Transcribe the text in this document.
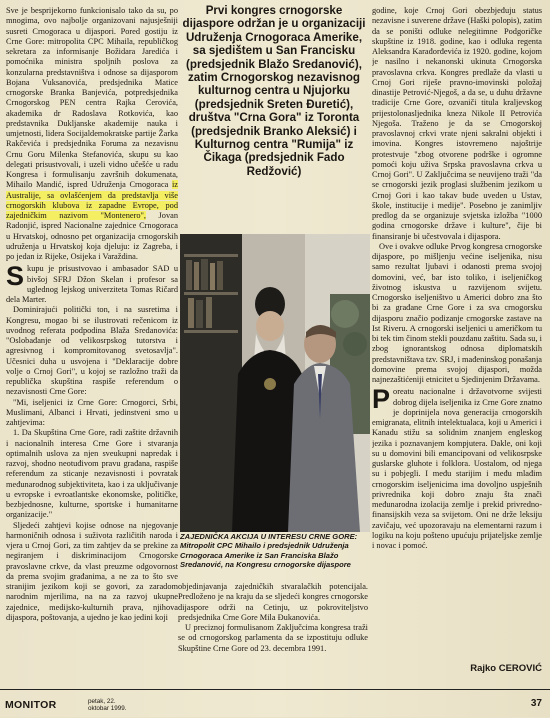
Sve je besprijekorno funkcionisalo tako da su, po mnogima, ovo najbolje organizovani najusješniji susreti Crnogoraca u dijaspori. Pored gostiju iz Crne Gore: mitropolita CPC Mihaila, republičkog sekretara za informisanje Božidara Jaredića i pomoćnika ministra spoljnih poslova za konzularna predstavništva i odnose sa dijasporom Bojana Vuksanovića, predsjednika Matice crnogorske Branka Banjevića, potpredsjednika Crnogorskog PEN centra Rajka Cerovića, akademika dr Radoslava Rotkovića, kao predstavnika Dukljanske akademije nauka i umjetnosti, lidera Socijaldemokratske partije Žarka Rakčevića i predsjednika Foruma za nezavisnu Crnu Goru Milenka Stefanovića, skupu su kao delegati prisustvovali, i uzeli vidno učešće u radu Kongresa i formulisanju završnih dokumenata, Mihailo Mandić, ispred Udruženja Crnogoraca iz Australije, sa ovlašćenjem da predstavlja više crnogorskih klubova iz zapadne Evrope, pod zajedničkim nazivom "Montenero", Jovan Radonjić, ispred Nacionalne zajednice Crnogoraca u Hrvatskoj, odnosno pet organizacija crnogorskih udruženja u Hrvatskoj koja djeluju: iz Zagreba, i po jedan iz Rijeke, Osijeka i Varaždina.

Skupu je prisustvovao i ambasador SAD u bivšoj SFRJ Džon Skelan i profesor sa uglednog lejskog univerziteta Tomas Ričard dela Marter.

Dominirajući politički ton, i na susretima i Kongresu, mogao bi se ilustrovati rečenicom iz uvodnog referata podpodina Blaža Sredanovića: "Oslobađanje od velikosrpskog tutorstva i agresivnog i kompromitovanog svetosavlja". Učesnici duha u usvojena i "Deklaracije dobre volje o Crnoj Gori", u kojoj se razložno traži da republička skupština raspiše referendum o nezavisnosti Crne Gore:

"Mi, iseljenici iz Crne Gore: Crnogorci, Srbi, Muslimani, Albanci i Hrvati, jedinstveni smo u zahtjevima:

1. Da Skupština Crne Gore, radi zaštite državnih i nacionalnih interesa Crne Gore i stvaranja optimalnih uslova za njen sveukupni napredak i razvoj, shodno neotuđivom pravu građana, raspiše referendum za sticanje nezavisnosti i povratak međunarodnog subjektiviteta, kao i za uključivanje u evropske i evroatlantske ekonomske, političke, bezbjednosne, kulturne, sportske i humanitarne organizacije."

Sljedeći zahtjevi kojise odnose na njegovanje harmoničnih odnosa i suživota različitih naroda i vjera u Crnoj Gori, za tim zahtjev da se prekine za negiranjem i diskriminacijom Crnogorske pravoslavne crkve, da vlast preuzme odgovornost da prema svojim građanima, a ne za to što sve stranijim jezikom koji se govori, za zaradom narodnim mjerilima, na na za razvoj ukupne zajednice, medijsko-kulturnih prava, njihova dijaspora, poštovanja, a ujedno je kao jedini koji

Prvi kongres crnogorske dijaspore održan je u organizaciji Udruženja Crnogoraca Amerike, sa sjedištem u San Francisku (predsjednik Blažo Sredanović), zatim Crnogorskog nezavisnog kulturnog centra u Njujorku (predsjednik Sreten Đuretić), društva "Crna Gora" iz Toronta (predsjednik Branko Aleksić) i Kulturnog centra "Rumija" iz Čikaga (predsjednik Fado Redžović)
ZAJEDNIČKA AKCIJA U INTERESU CRNE GORE: Mitropolit CPC Mihailo i predsjednik Udruženja Crnogoraca Amerike iz San Franciska Blažo Sredanović, na Kongresu crnogorske dijaspore

objedinjavanja zajedničkih stvaralačkih potencijala. Predloženo je na kraju da se sljedeći kongres crnogorske dijaspore održi na Cetinju, uz pokroviteljstvo predsjednika Crne Gore Mila Đukanovića.

U preciznoj formulisanom Zaključcima kongresa traži se od crnogorskog parlamenta da se izpostituju odluke Skupštine Crne Gore od 23. decembra 1991.

godine, koje Crnoj Gori obezbjeđuju status nezavisne i suverene države (Haški polopis), zatim da se poništi odluke nelegitimne Podgoričke skupštine iz 1918. godine, kao i odluka regenta Aleksandra Karađorđevića iz 1920. godine, kojom je nasilno i nekanonski ukinuta Crnogorska pravoslavna crkva. Kongres predlaže da vlasti u Crnoj Gori riješe pravno-imovinski položaj dinastije Petrović-Njegoš, a da se, u duhu državne tradicije Crne Gore, ozvaniči titula kraljevskog prijestolonasljednika kneza Nikole II Petrovića Njegoša. Traženo je da se Crnogorskoj pravoslavnoj crkvi vrate njeni sakralni objekti i imovina. Kongres istovremeno najoštrije protestvuje "zbog otvorene podrške i ogromne pomoći koju uživa Srpska pravoslavna crkva u Crnoj Gori". U Zaključcima se neuvijeno traži "da se crnogorski jezik proglasi službenim jezikom u Crnoj Gori i kao takav bude uveden u Ustav, škole, institucije i medije". Posebno je zanimljiv predlog da se organizuje svjetska izložba "1000 godina crnogorske države i kulture", čije bi finansiranje bi učestvovala i dijaspora.

Ove i ovakve odluke Prvog kongresa crnogorske dijaspore, po mišljenju većine iseljenika, nisu samo rezultat ljubavi i odanosti prema svojoj domovini, već, bar isto toliko, i iseljeničkog životnog iskustva u razvijenom svijetu. Crnogorsko iseljeništvo u Americi dobro zna što bi za građane Crne Gore i za sva crnogorsku dijasporu značio podizanje crnogorske zastave na Ist Riveru. A crnogorski iseljenici u američkom tu bi tek tim činom stekli pouzdanu zaštitu. Sada su, i zbog ignorantskog odnosa diplomatskih predstavništava tzv. SRJ, i mađeninskog ponašanja domovine prema svojoj dijaspori, možda najnezaštićeniji etnicitet u Sjedinjenim Državama.

Poreatu nacionalne i državotvorne svijesti dobrog dijela iseljenika iz Crne Gore znatno je doprinijela nova generacija crnogorskih emigranata, elitnih intelektualaca, koji u Americi i Kanadu stižu sa solidnim znanjem engleskog jezika i poznavanjem kompjutera. Dakle, oni koji su u domovini bili emancipovani od velikosrpske guslarske gluhote i folklora. Uostalom, od njega su i pobjegli. I među starijim i među mlađim crnogorskim iseljenicima ima dovoljno uspješnih privrednika koji dobro znaju šta znači međunarodna izolacija zemlje i prekid privredno-finansijskih veza sa svijetom. Oni ne drže leksiju zavičaju, već upozoravaju na elementarni razum i logiku na koju pošteno upućuju prijateljske zemlje i novac i pomoć.

Rajko CEROVIĆ
MONITOR	petak, 22.
oktobar 1999.	37
